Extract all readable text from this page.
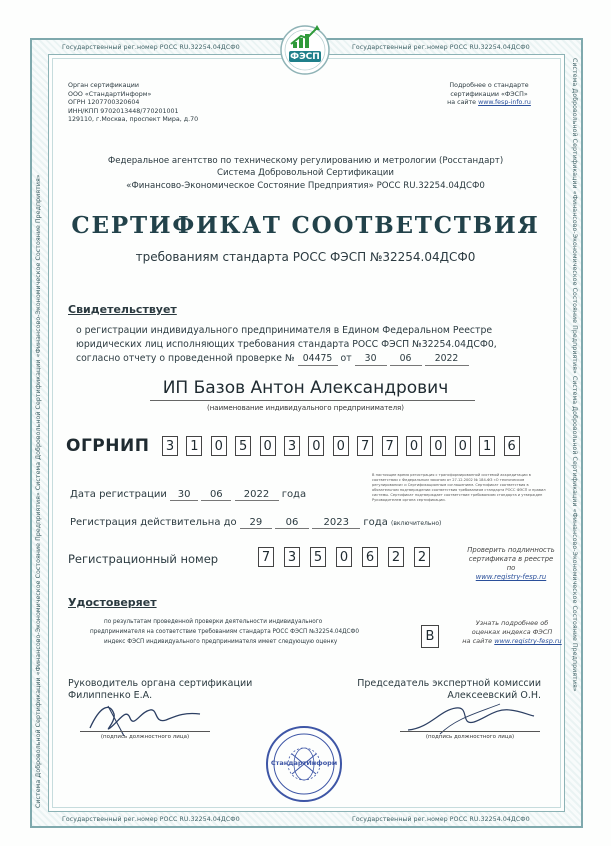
Государственный рег.номер РОСС RU.32254.04ДСФ0	Государственный рег.номер РОСС RU.32254.04ДСФ0
Государственный рег.номер РОСС RU.32254.04ДСФ0	Государственный рег.номер РОСС RU.32254.04ДСФ0
Система Добровольной Сертификации «Финансово-Экономическое Состояние Предприятия» Система Добровольной Сертификации «Финансово-Экономическое Состояние Предприятия»	Система Добровольной Сертификации «Финансово-Экономическое Состояние Предприятия» Система Добровольной Сертификации «Финансово-Экономическое Состояние Предприятия»
ФЭСП
Орган сертификации
ООО «СтандартИнформ»
ОГРН 1207700320604
ИНН/КПП 9702013448/770201001
129110, г.Москва, проспект Мира, д.70
Подробнее о стандарте
сертификации «ФЭСП»
на сайте www.fesp-info.ru
Федеральное агентство по техническому регулированию и метрологии (Росстандарт)
Система Добровольной Сертификации
«Финансово-Экономическое Состояние Предприятия» РОСС RU.32254.04ДСФ0
СЕРТИФИКАТ СООТВЕТСТВИЯ
требованиям стандарта РОСС ФЭСП №32254.04ДСФ0
Свидетельствует
о регистрации индивидуального предпринимателя в Едином Федеральном Реестре
юридических лиц исполняющих требования стандарта РОСС ФЭСП №32254.04ДСФ0,
согласно отчету о проведенной проверке № 04475 от 30 06 2022
ИП Базов Антон Александрович
(наименование индивидуального предпринимателя)
ОГРНИП 3 1 0 5 0 3 0 0 7 7 0 0 0 1 6
В настоящее время регистрация с трансформированной системой аккредитации в соответствии с Федеральным законом от 27.12.2002 № 184-ФЗ «О техническом регулировании» и Сертификационным соглашением. Сертификат соответствия в обязательном подтверждении соответствия требованиям стандарта РОСС ФЭСП и правил системы. Сертификат подтверждает соответствие требованиям стандарта и утвержден Руководителем органа сертификации.
Дата регистрации 30 06 2022 года
Регистрация действительна до 29 06	2023 года (включительно)
Регистрационный номер	7 3 5 0 6 2 2	Проверить подлинность
сертификата в реестре по
www.registry-fesp.ru
Удостоверяет
по результатам проведенной проверки деятельности индивидуального
предпринимателя на соответствие требованиям стандарта РОСС ФЭСП №32254.04ДСФ0
индекс ФЭСП индивидуального предпринимателя имеет следующую оценку	В
Узнать подробнее об
оценках индекса ФЭСП
на сайте www.registry-fesp.ru
Руководитель органа сертификации
Филиппенко Е.А.
Председатель экспертной комиссии
Алексеевский О.Н.
(подпись должностного лица)	(подпись должностного лица)
СтандартИнформ
